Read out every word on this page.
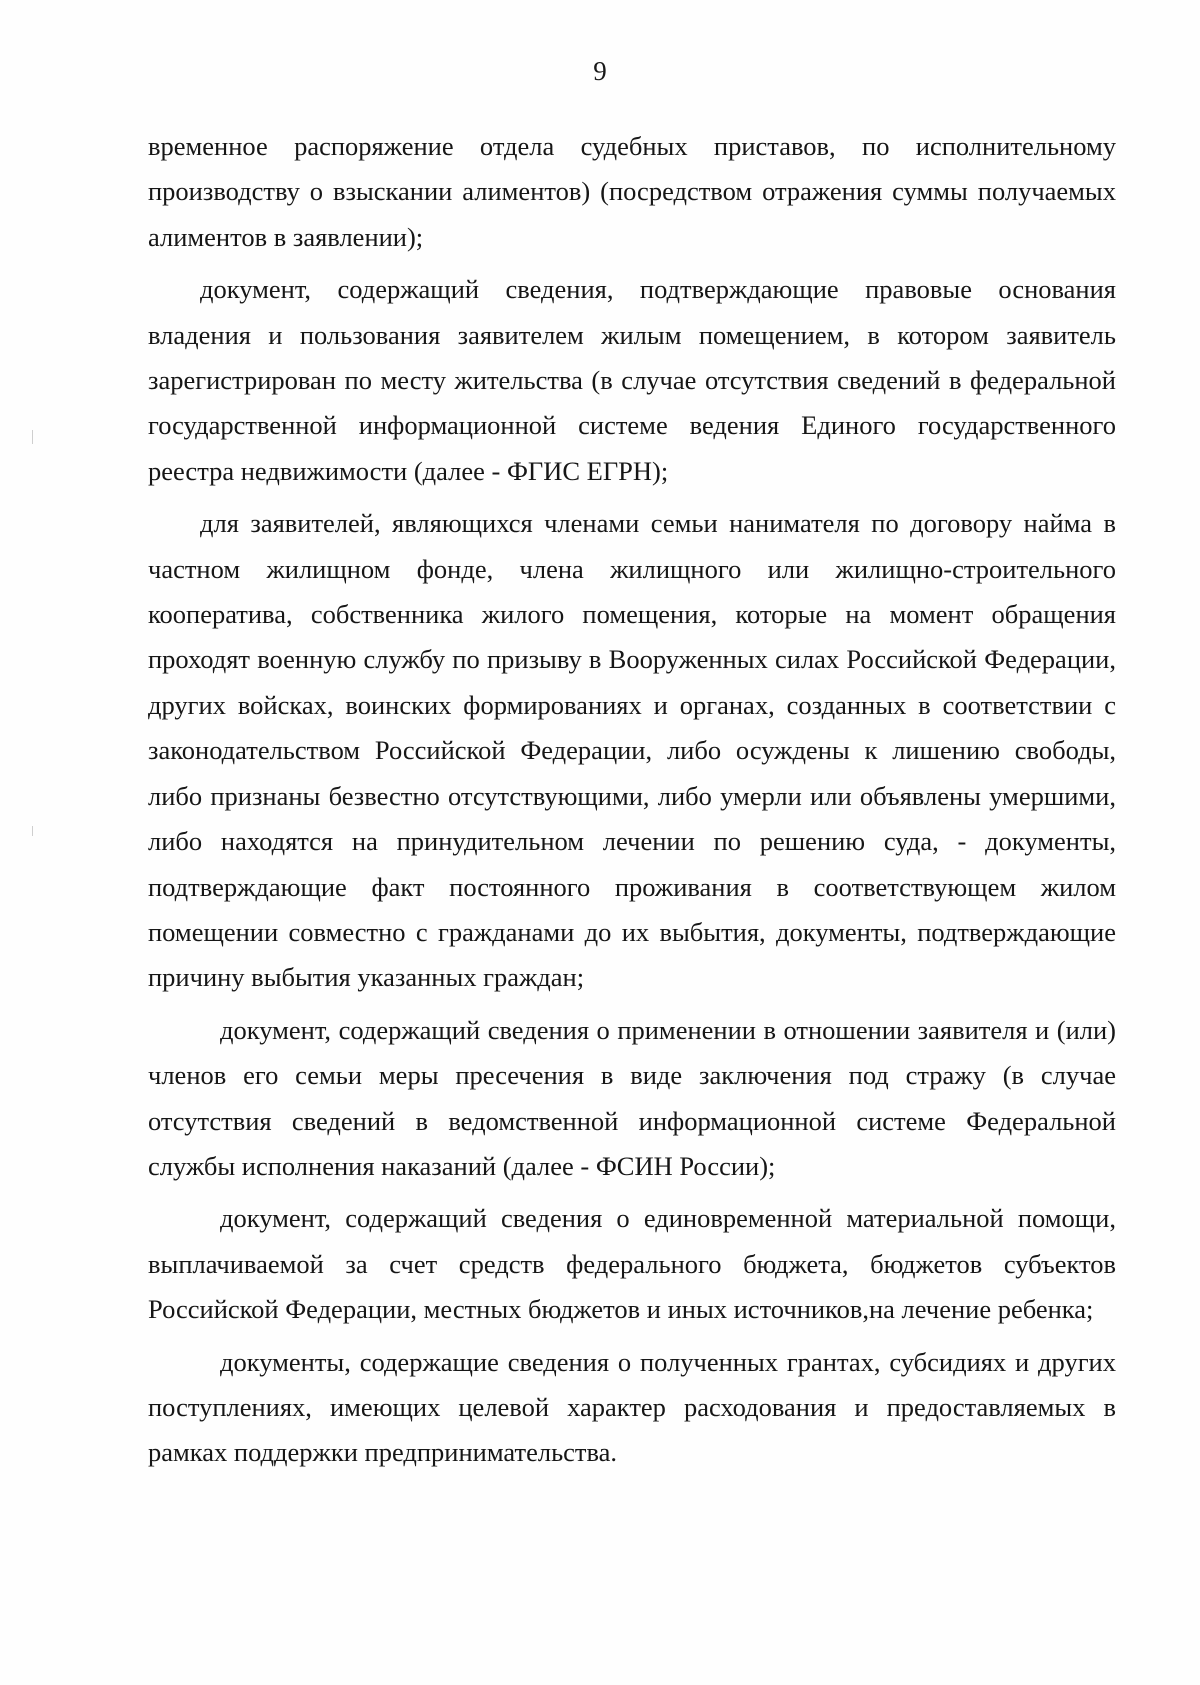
9

временное распоряжение отдела судебных приставов, по исполнительному производству о взыскании алиментов) (посредством отражения суммы получаемых алиментов в заявлении);

документ, содержащий сведения, подтверждающие правовые основания владения и пользования заявителем жилым помещением, в котором заявитель зарегистрирован по месту жительства (в случае отсутствия сведений в федеральной государственной информационной системе ведения Единого государственного реестра недвижимости (далее - ФГИС ЕГРН);

для заявителей, являющихся членами семьи нанимателя по договору найма в частном жилищном фонде, члена жилищного или жилищно-строительного кооператива, собственника жилого помещения, которые на момент обращения проходят военную службу по призыву в Вооруженных силах Российской Федерации, других войсках, воинских формированиях и органах, созданных в соответствии с законодательством Российской Федерации, либо осуждены к лишению свободы, либо признаны безвестно отсутствующими, либо умерли или объявлены умершими, либо находятся на принудительном лечении по решению суда, - документы, подтверждающие факт постоянного проживания в соответствующем жилом помещении совместно с гражданами до их выбытия, документы, подтверждающие причину выбытия указанных граждан;

документ, содержащий сведения о применении в отношении заявителя и (или) членов его семьи меры пресечения в виде заключения под стражу (в случае отсутствия сведений в ведомственной информационной системе Федеральной службы исполнения наказаний (далее - ФСИН России);

документ, содержащий сведения о единовременной материальной помощи, выплачиваемой за счет средств федерального бюджета, бюджетов субъектов Российской Федерации, местных бюджетов и иных источников,на лечение ребенка;

документы, содержащие сведения о полученных грантах, субсидиях и других поступлениях, имеющих целевой характер расходования и предоставляемых в рамках поддержки предпринимательства.
